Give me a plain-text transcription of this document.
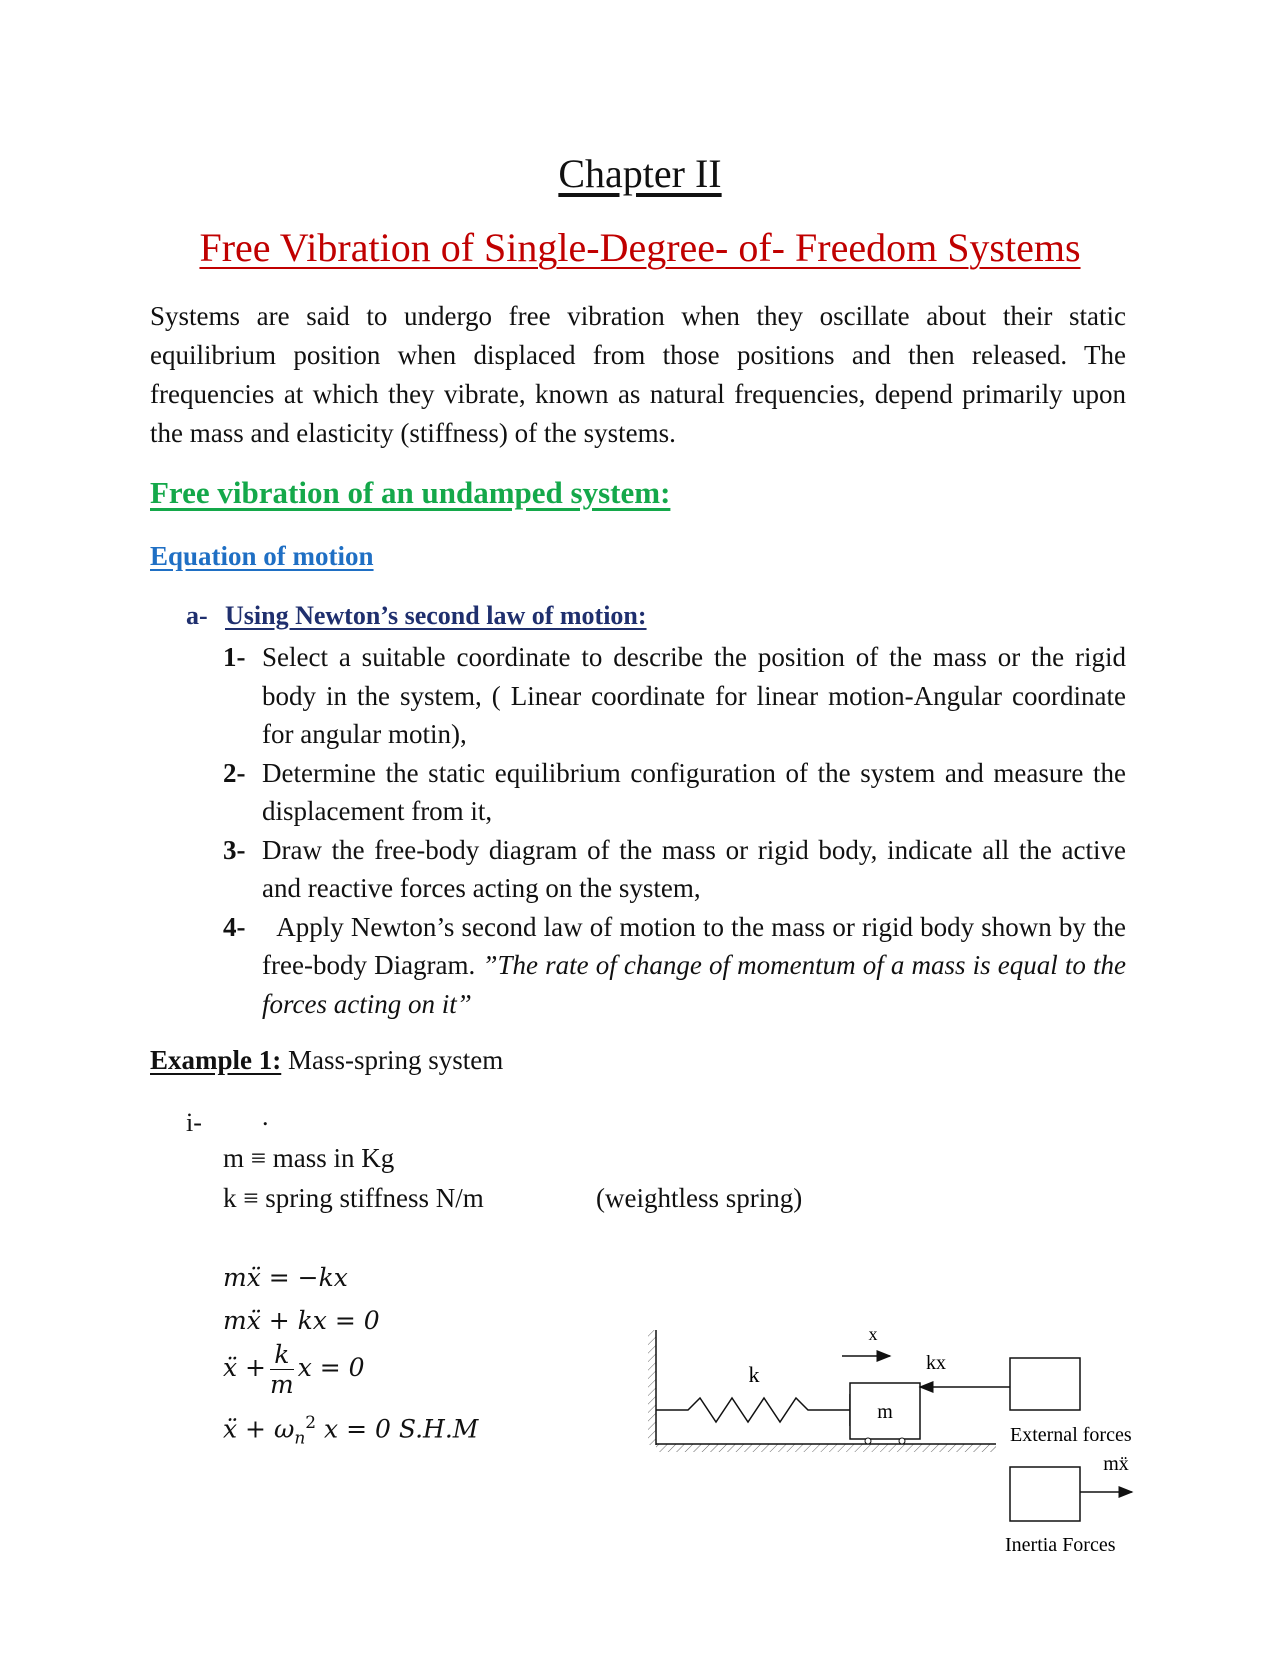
Chapter II
Free Vibration of Single-Degree- of- Freedom Systems
Systems are said to undergo free vibration when they oscillate about their static equilibrium position when displaced from those positions and then released. The frequencies at which they vibrate, known as natural frequencies, depend primarily upon the mass and elasticity (stiffness) of the systems.
Free vibration of an undamped system:
Equation of motion
a- Using Newton’s second law of motion:
1- Select a suitable coordinate to describe the position of the mass or the rigid body in the system, ( Linear coordinate for linear motion-Angular coordinate for angular motin),
2- Determine the static equilibrium configuration of the system and measure the displacement from it,
3- Draw the free-body diagram of the mass or rigid body, indicate all the active and reactive forces acting on the system,
4- Apply Newton’s second law of motion to the mass or rigid body shown by the free-body Diagram. ”The rate of change of momentum of a mass is equal to the forces acting on it”
Example 1: Mass-spring system
i- .
m ≡ mass in Kg
k ≡ spring stiffness N/m	(weightless spring)
mẍ = −kx
mẍ + kx = 0
ẍ + $\frac{k}{m}$ x = 0
ẍ + $\omega_n^2$ x = 0 S.H.M
m
k
x
kx
External forces
mẍ
Inertia Forces
